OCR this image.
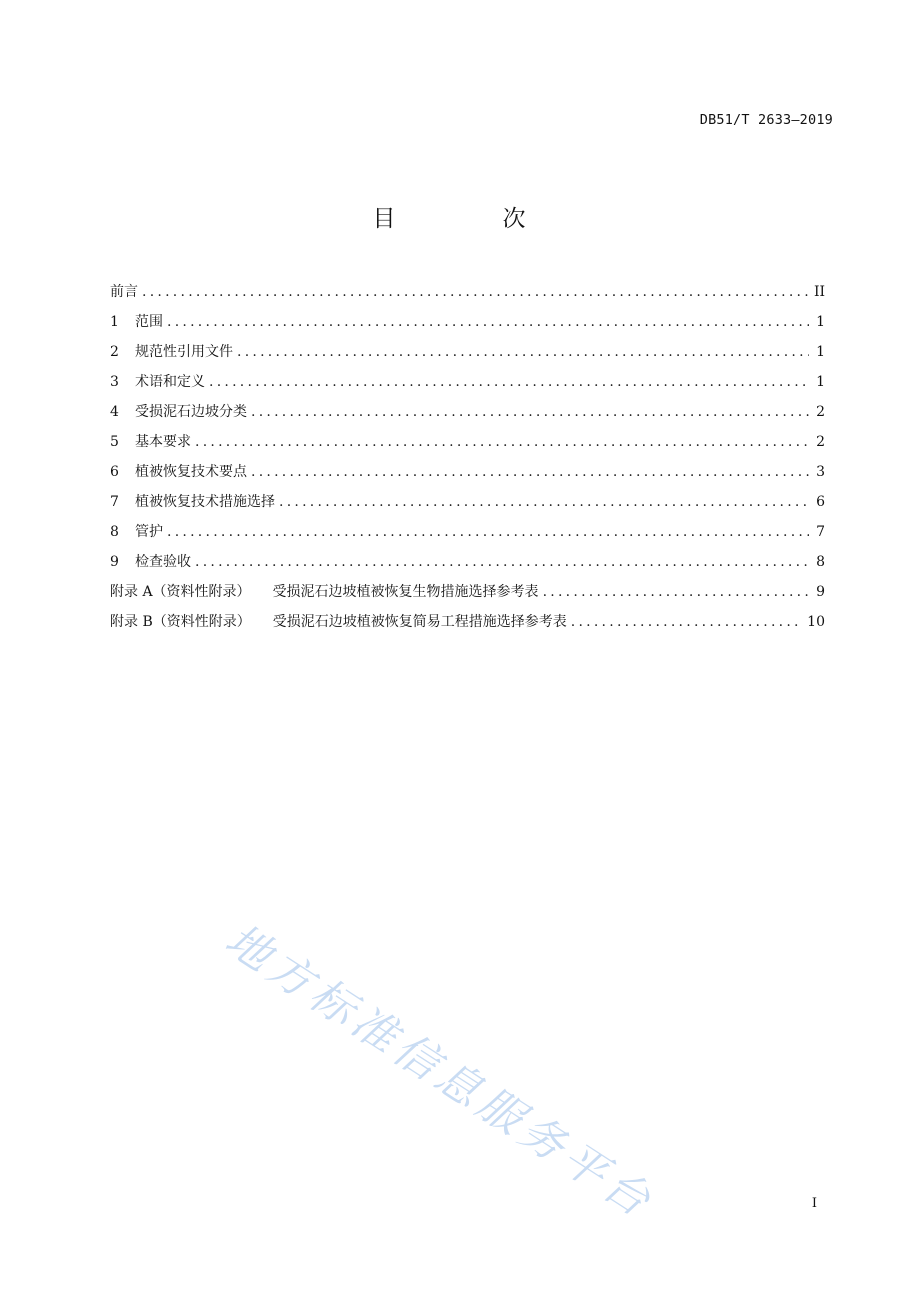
DB51/T 2633—2019
目　次
前言 . . .	II
1	范围 . . .	1
2	规范性引用文件 . . .	1
3	术语和定义 . . .	1
4	受损泥石边坡分类 . . .	2
5	基本要求 . . .	2
6	植被恢复技术要点 . . .	3
7	植被恢复技术措施选择 . . .	6
8	管护 . . .	7
9	检查验收 . . .	8
附录 A（资料性附录） 受损泥石边坡植被恢复生物措施选择参考表 . . .	9
附录 B（资料性附录） 受损泥石边坡植被恢复简易工程措施选择参考表 . . .	10
地方标准信息服务平台	I
